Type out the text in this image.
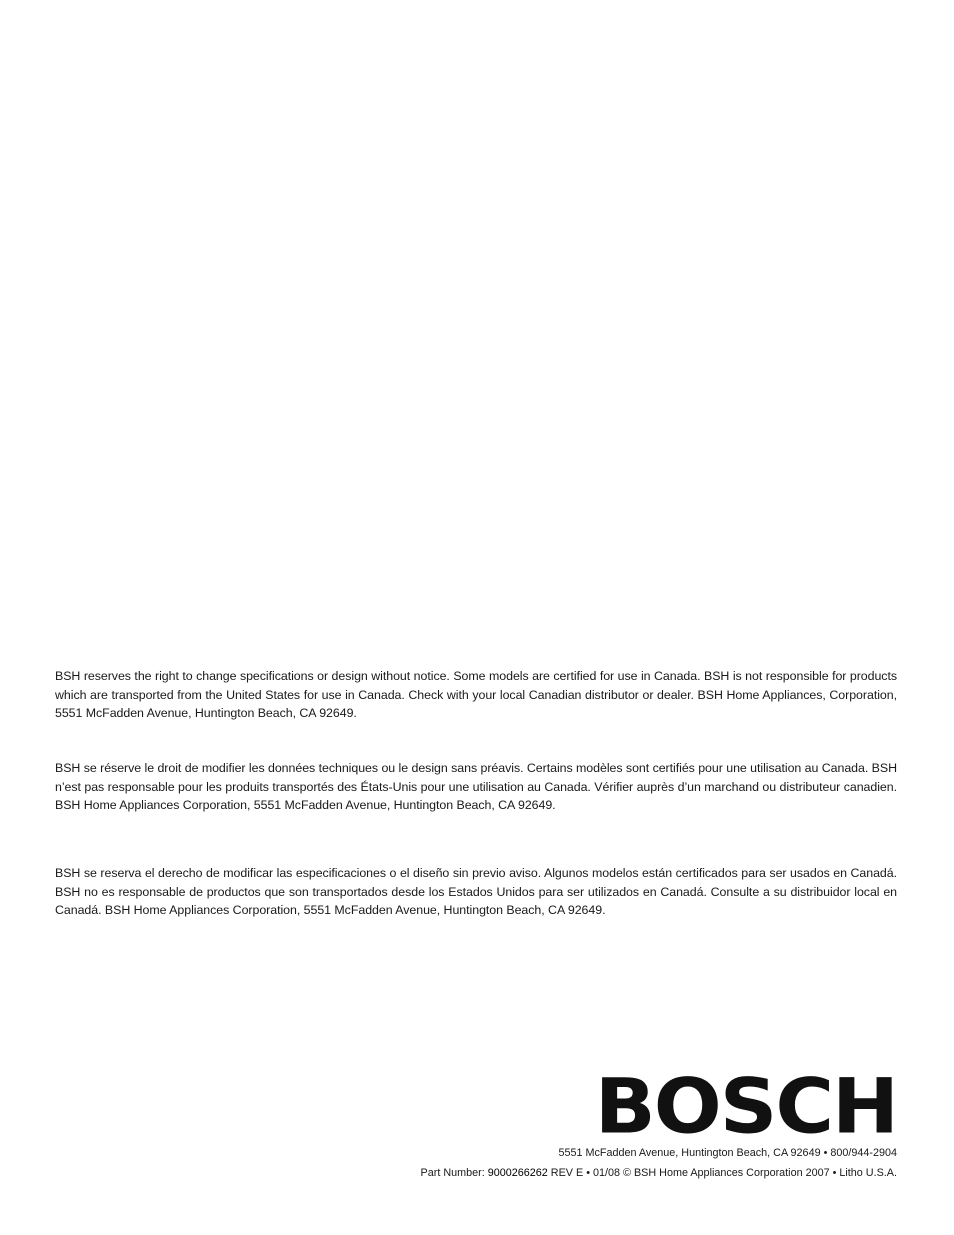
BSH reserves the right to change specifications or design without notice. Some models are certified for use in Canada. BSH is not responsible for products which are transported from the United States for use in Canada. Check with your local Canadian distributor or dealer. BSH Home Appliances, Corporation, 5551 McFadden Avenue, Huntington Beach, CA 92649.

BSH se réserve le droit de modifier les données techniques ou le design sans préavis. Certains modèles sont certifiés pour une utilisation au Canada. BSH n’est pas responsable pour les produits transportés des États-Unis pour une utilisation au Canada. Vérifier auprès d’un marchand ou distributeur canadien. BSH Home Appliances Corporation, 5551 McFadden Avenue, Huntington Beach, CA 92649.

BSH se reserva el derecho de modificar las especificaciones o el diseño sin previo aviso. Algunos modelos están certificados para ser usados en Canadá. BSH no es responsable de productos que son transportados desde los Estados Unidos para ser utilizados en Canadá. Consulte a su distribuidor local en Canadá. BSH Home Appliances Corporation, 5551 McFadden Avenue, Huntington Beach, CA 92649.

BOSCH
5551 McFadden Avenue, Huntington Beach, CA 92649 • 800/944-2904
Part Number: 9000266262 REV E • 01/08 © BSH Home Appliances Corporation 2007 • Litho U.S.A.
